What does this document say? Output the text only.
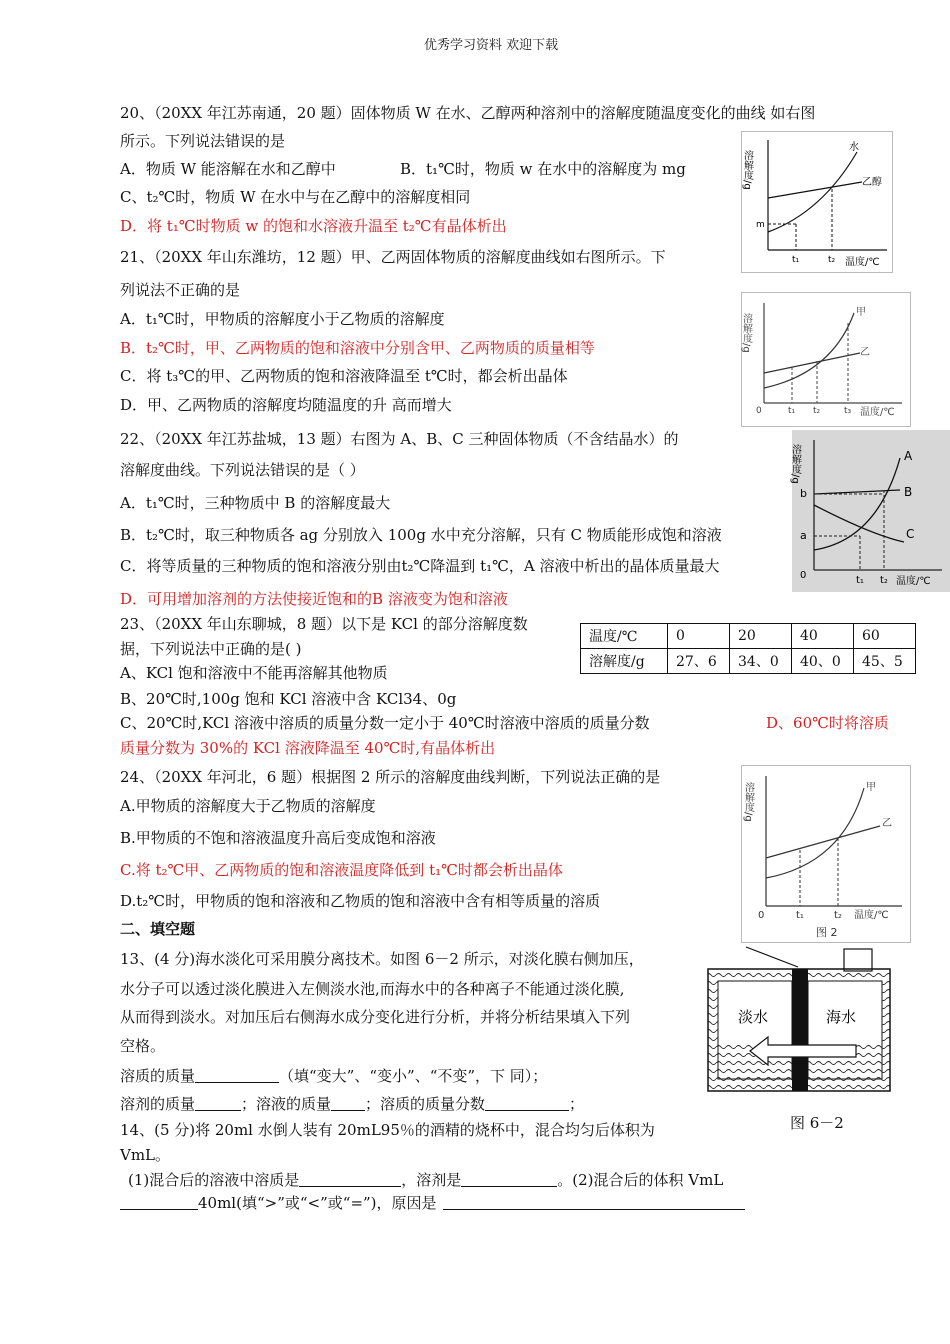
优秀学习资料 欢迎下载
20、（20XX 年江苏南通，20 题）固体物质 W 在水、乙醇两种溶剂中的溶解度随温度变化的曲线 如右图
所示。下列说法错误的是
A．物质 W 能溶解在水和乙醇中	B．t₁℃时，物质 w 在水中的溶解度为 mg
C、t₂℃时，物质 W 在水中与在乙醇中的溶解度相同
D．将 t₁℃时物质 w 的饱和水溶液升温至 t₂℃有晶体析出
溶解度/g
水
乙醇
m
t₁	t₂ 温度/℃
21、（20XX 年山东潍坊，12 题）甲、乙两固体物质的溶解度曲线如右图所示。下
列说法不正确的是
A．t₁℃时，甲物质的溶解度小于乙物质的溶解度
B．t₂℃时，甲、乙两物质的饱和溶液中分别含甲、乙两物质的质量相等
C．将 t₃℃的甲、乙两物质的饱和溶液降温至 t℃时，都会析出晶体
D．甲、乙两物质的溶解度均随温度的升 高而增大
溶解度/g
甲
乙
0	t₁ t₂	t₃ 温度/℃
22、（20XX 年江苏盐城，13 题）右图为 A、B、C 三种固体物质（不含结晶水）的
溶解度曲线。下列说法错误的是（ ）
A．t₁℃时，三种物质中 B 的溶解度最大
B．t₂℃时，取三种物质各 ag 分别放入 100g 水中充分溶解，只有 C 物质能形成饱和溶液
C．将等质量的三种物质的饱和溶液分别由t₂℃降温到 t₁℃，A 溶液中析出的晶体质量最大
D．可用增加溶剂的方法使接近饱和的B 溶液变为饱和溶液
溶解度/g	A
B
C
b
a
0	t₁ t₂ 温度/℃
23、（20XX 年山东聊城，8 题）以下是 KCl 的部分溶解度数
据，下列说法中正确的是( )
A、KCl 饱和溶液中不能再溶解其他物质
B、20℃时,100g 饱和 KCl 溶液中含 KCl34、0g
C、20℃时,KCl 溶液中溶质的质量分数一定小于 40℃时溶液中溶质的质量分数	D、60℃时将溶质
质量分数为 30%的 KCl 溶液降温至 40℃时,有晶体析出
温度/℃	0	20	40	60
溶解度/g	27、6	34、0	40、0	45、5
24、（20XX 年河北，6 题）根据图 2 所示的溶解度曲线判断，下列说法正确的是
A.甲物质的溶解度大于乙物质的溶解度
B.甲物质的不饱和溶液温度升高后变成饱和溶液
C.将 t₂℃甲、乙两物质的饱和溶液温度降低到 t₁℃时都会析出晶体
D.t₂℃时，甲物质的饱和溶液和乙物质的饱和溶液中含有相等质量的溶质
溶解度/g	甲
乙
0	t₁	t₂ 温度/℃
图 2
二、填空题
13、(4 分)海水淡化可采用膜分离技术。如图 6－2 所示，对淡化膜右侧加压，
水分子可以透过淡化膜进入左侧淡水池,而海水中的各种离子不能通过淡化膜,
从而得到淡水。对加压后右侧海水成分变化进行分析，并将分析结果填入下列
空格。
溶质的质量	（填“变大”、“变小”、“不变”，下 同）；
溶剂的质量	；溶液的质量 ；溶质的质量分数	；
淡水	海水
图 6－2
14、(5 分)将 20ml 水倒人装有 20mL95％的酒精的烧杯中，混合均匀后体积为
VmL。
(1)混合后的溶液中溶质是	，溶剂是	。(2)混合后的体积 VmL
40ml(填“>”或“<”或“=”)，原因是
